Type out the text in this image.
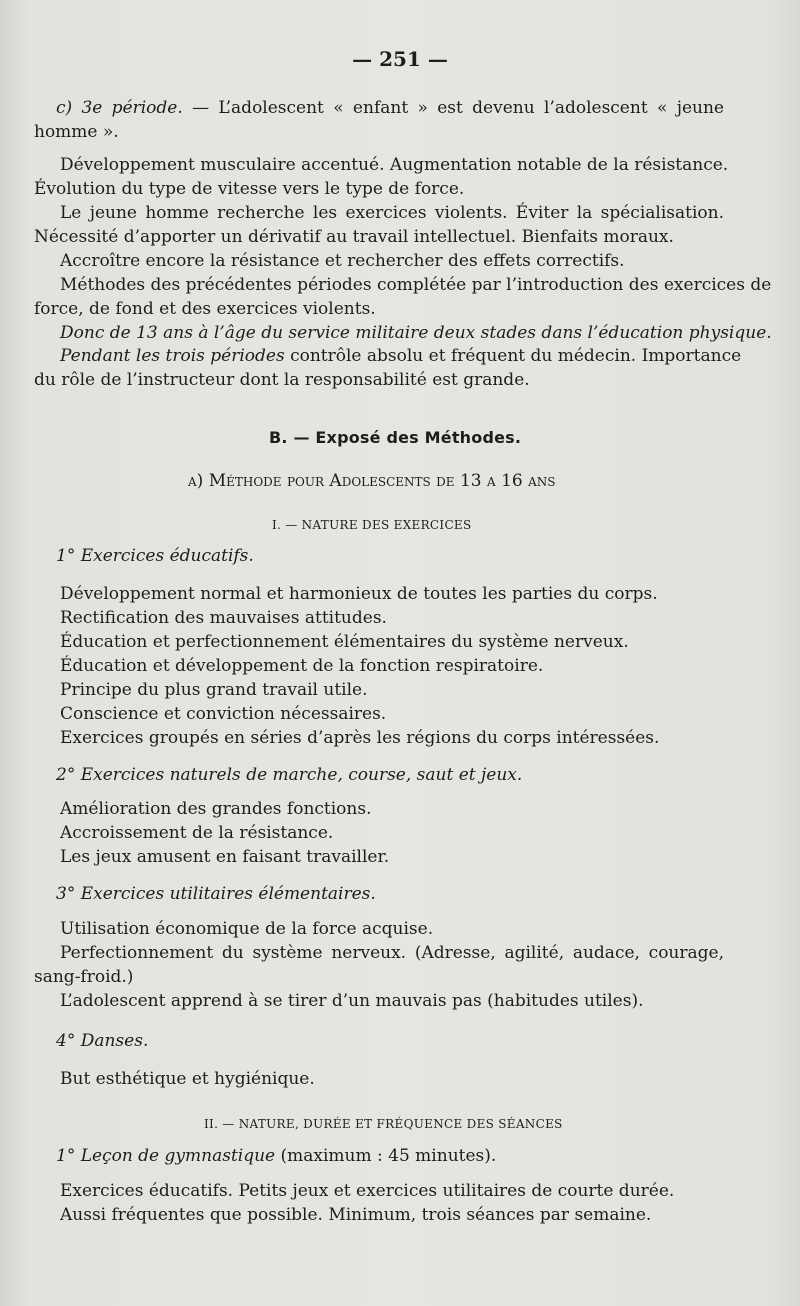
— 251 —
c) 3e période. — L’adolescent « enfant » est devenu l’adolescent « jeune
homme ».
Développement musculaire accentué. Augmentation notable de la résistance.
Évolution du type de vitesse vers le type de force.
Le jeune homme recherche les exercices violents. Éviter la spécialisation.
Nécessité d’apporter un dérivatif au travail intellectuel. Bienfaits moraux.
Accroître encore la résistance et rechercher des effets correctifs.
Méthodes des précédentes périodes complétée par l’introduction des exercices de
force, de fond et des exercices violents.
Donc de 13 ans à l’âge du service militaire deux stades dans l’éducation physique.
Pendant les trois périodes contrôle absolu et fréquent du médecin. Importance
du rôle de l’instructeur dont la responsabilité est grande.
B. — Exposé des Méthodes.
a) Méthode pour Adolescents de 13 a 16 ans
I. — NATURE DES EXERCICES
1° Exercices éducatifs.
Développement normal et harmonieux de toutes les parties du corps.
Rectification des mauvaises attitudes.
Éducation et perfectionnement élémentaires du système nerveux.
Éducation et développement de la fonction respiratoire.
Principe du plus grand travail utile.
Conscience et conviction nécessaires.
Exercices groupés en séries d’après les régions du corps intéressées.
2° Exercices naturels de marche, course, saut et jeux.
Amélioration des grandes fonctions.
Accroissement de la résistance.
Les jeux amusent en faisant travailler.
3° Exercices utilitaires élémentaires.
Utilisation économique de la force acquise.
Perfectionnement du système nerveux. (Adresse, agilité, audace, courage,
sang-froid.)
L’adolescent apprend à se tirer d’un mauvais pas (habitudes utiles).
4° Danses.
But esthétique et hygiénique.
II. — NATURE, DURÉE ET FRÉQUENCE DES SÉANCES
1° Leçon de gymnastique (maximum : 45 minutes).
Exercices éducatifs. Petits jeux et exercices utilitaires de courte durée.
Aussi fréquentes que possible. Minimum, trois séances par semaine.
